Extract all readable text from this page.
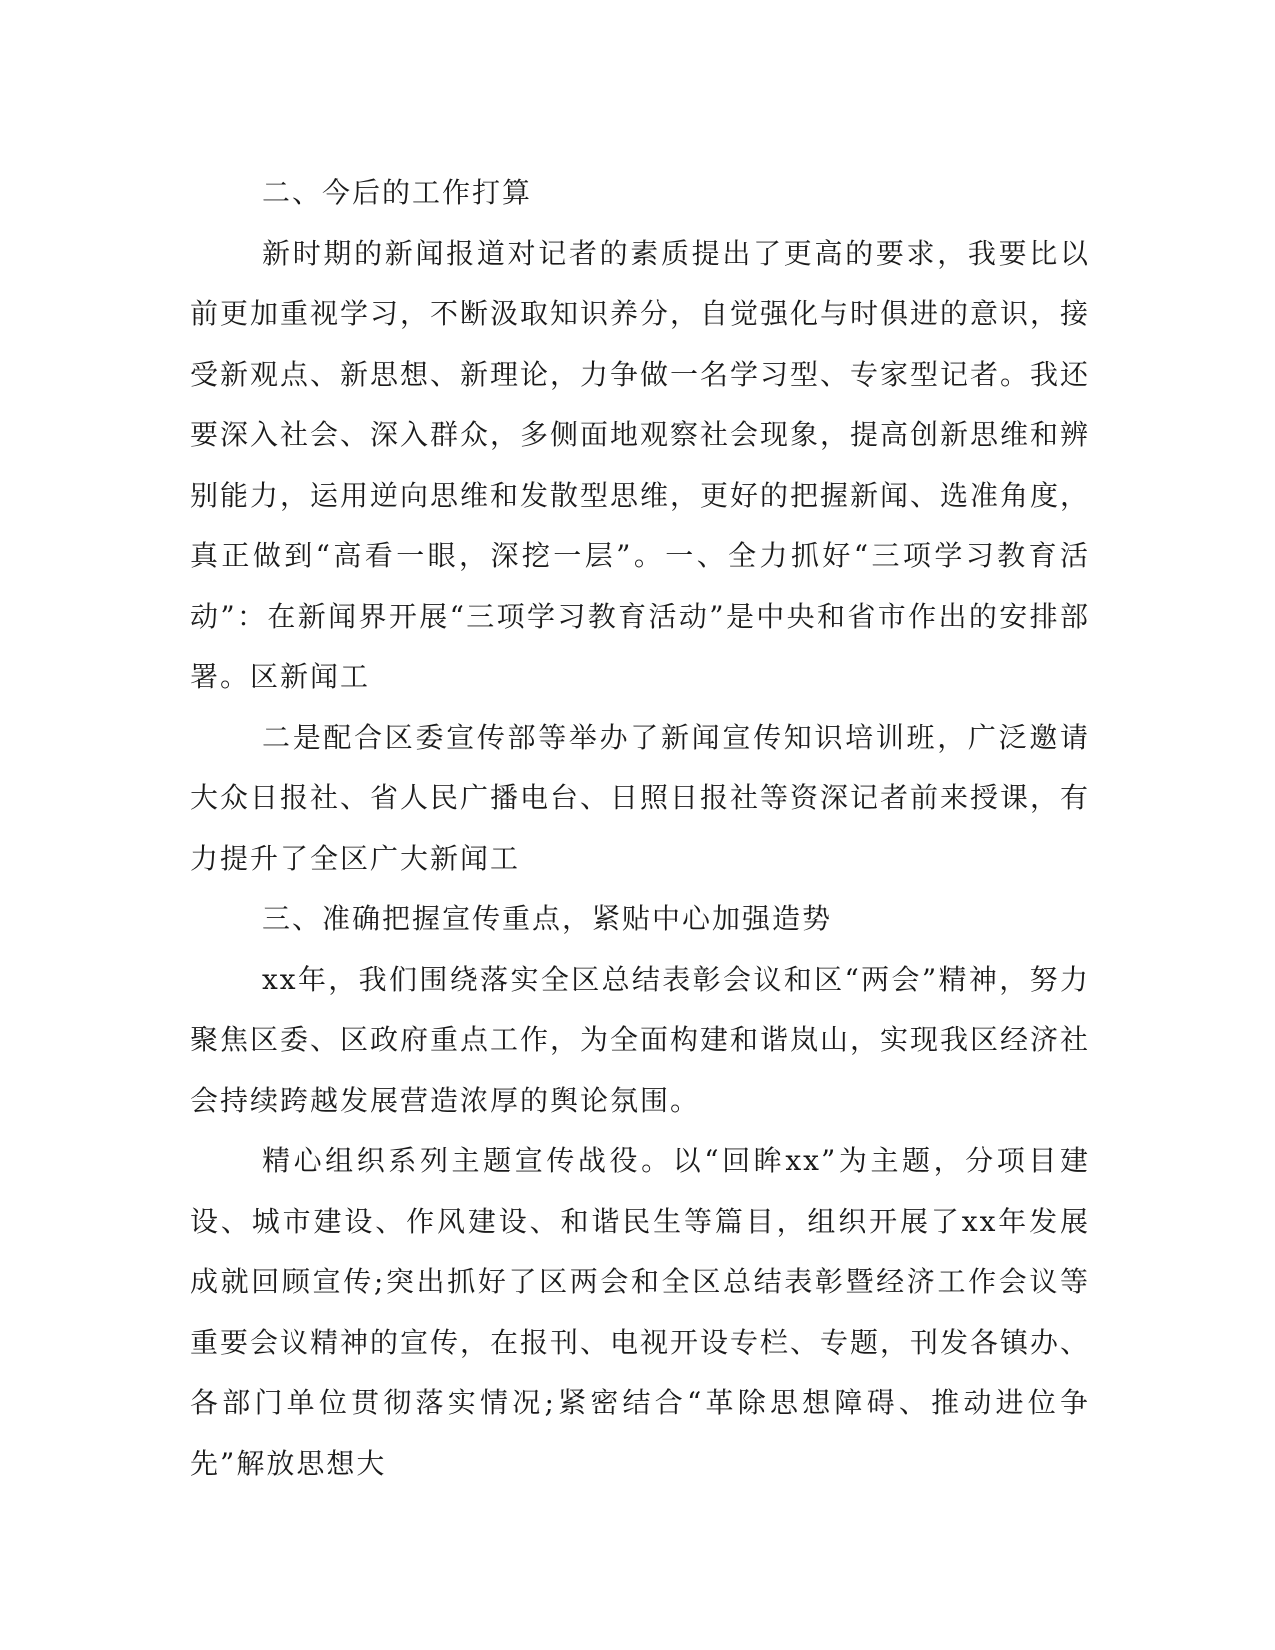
二、今后的工作打算

新时期的新闻报道对记者的素质提出了更高的要求，我要比以前更加重视学习，不断汲取知识养分，自觉强化与时俱进的意识，接受新观点、新思想、新理论，力争做一名学习型、专家型记者。我还要深入社会、深入群众，多侧面地观察社会现象，提高创新思维和辨别能力，运用逆向思维和发散型思维，更好的把握新闻、选准角度，真正做到“高看一眼，深挖一层”。一、全力抓好“三项学习教育活动”：在新闻界开展“三项学习教育活动”是中央和省市作出的安排部署。区新闻工

二是配合区委宣传部等举办了新闻宣传知识培训班，广泛邀请大众日报社、省人民广播电台、日照日报社等资深记者前来授课，有力提升了全区广大新闻工

三、准确把握宣传重点，紧贴中心加强造势

xx年，我们围绕落实全区总结表彰会议和区“两会”精神，努力聚焦区委、区政府重点工作，为全面构建和谐岚山，实现我区经济社会持续跨越发展营造浓厚的舆论氛围。

精心组织系列主题宣传战役。以“回眸xx”为主题，分项目建设、城市建设、作风建设、和谐民生等篇目，组织开展了xx年发展成就回顾宣传;突出抓好了区两会和全区总结表彰暨经济工作会议等重要会议精神的宣传，在报刊、电视开设专栏、专题，刊发各镇办、各部门单位贯彻落实情况;紧密结合“革除思想障碍、推动进位争先”解放思想大
